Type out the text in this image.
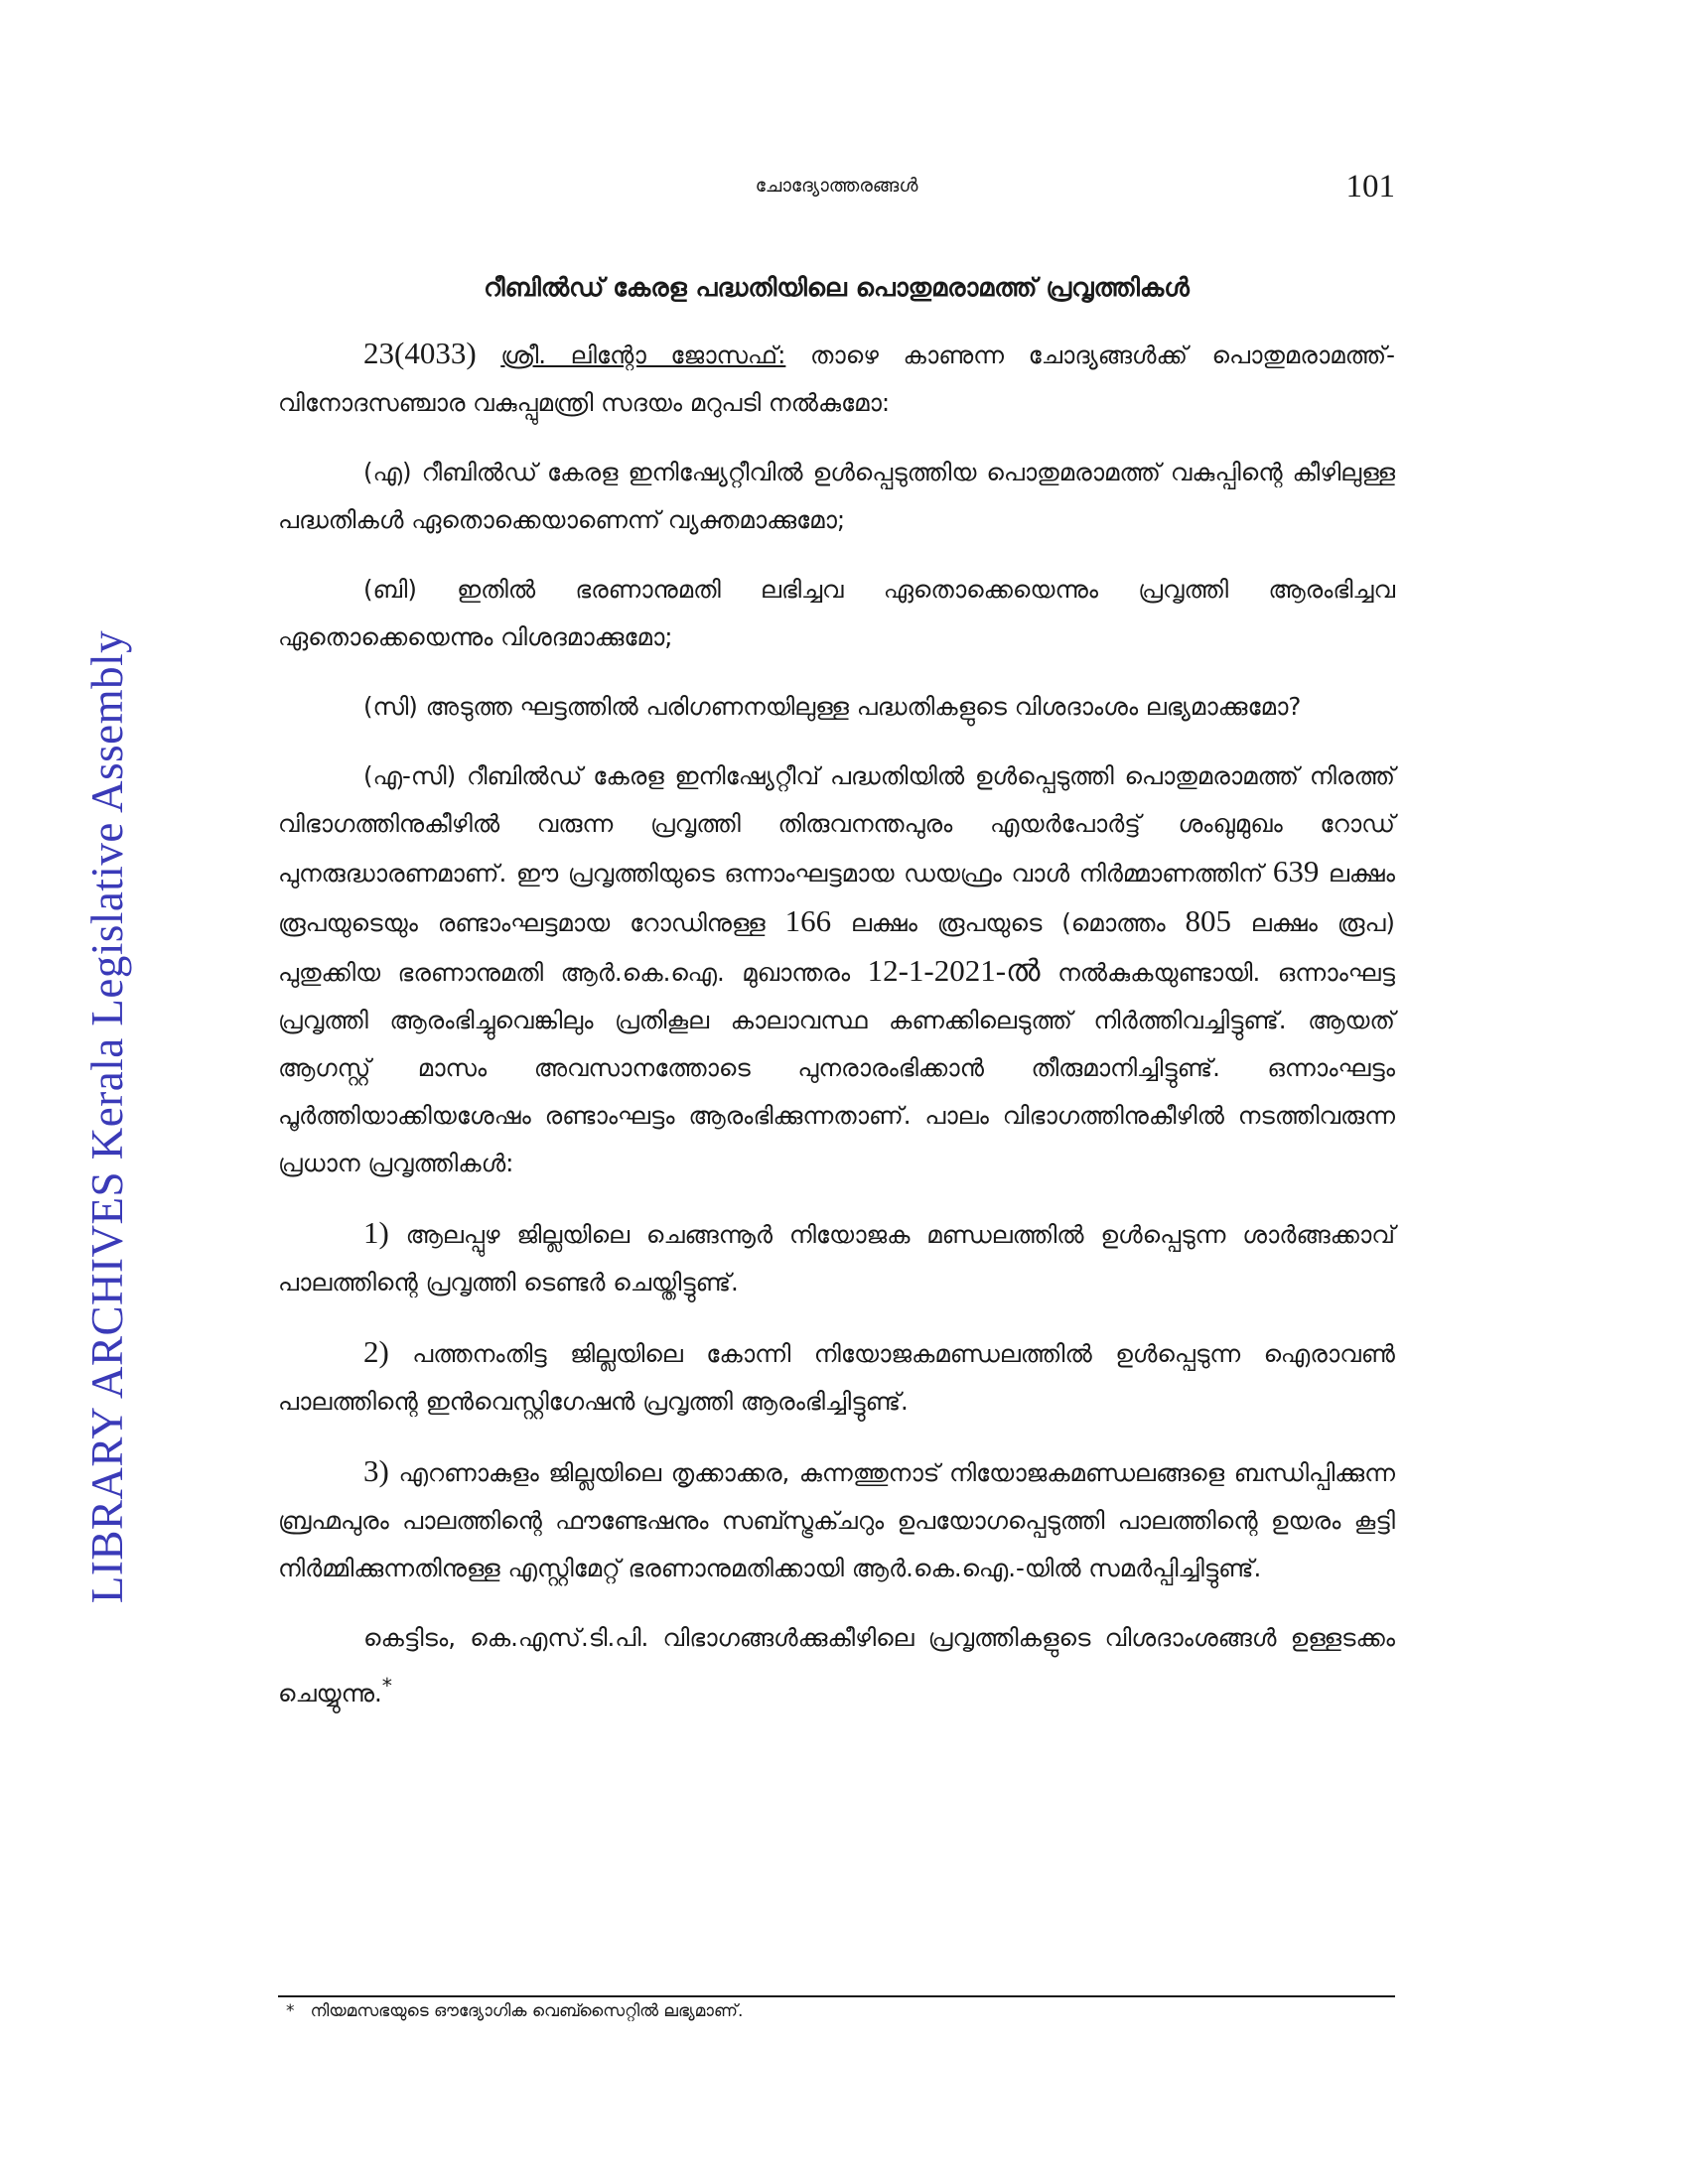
LIBRARY ARCHIVES Kerala Legislative Assembly
ചോദ്യോത്തരങ്ങൾ	101
റീബിൽഡ് കേരള പദ്ധതിയിലെ പൊതുമരാമത്ത് പ്രവൃത്തികൾ

23(4033) ശ്രീ. ലിന്റോ ജോസഫ്: താഴെ കാണുന്ന ചോദ്യങ്ങൾക്ക് പൊതുമരാമത്ത്-വിനോദസഞ്ചാര വകുപ്പുമന്ത്രി സദയം മറുപടി നൽകുമോ:

(എ) റീബിൽഡ് കേരള ഇനിഷ്യേറ്റീവിൽ ഉൾപ്പെടുത്തിയ പൊതുമരാമത്ത് വകുപ്പിന്റെ കീഴിലുള്ള പദ്ധതികൾ ഏതൊക്കെയാണെന്ന് വ്യക്തമാക്കുമോ;

(ബി) ഇതിൽ ഭരണാനുമതി ലഭിച്ചവ ഏതൊക്കെയെന്നും പ്രവൃത്തി ആരംഭിച്ചവ ഏതൊക്കെയെന്നും വിശദമാക്കുമോ;

(സി) അടുത്ത ഘട്ടത്തിൽ പരിഗണനയിലുള്ള പദ്ധതികളുടെ വിശദാംശം ലഭ്യമാക്കുമോ?

(എ-സി) റീബിൽഡ് കേരള ഇനിഷ്യേറ്റീവ് പദ്ധതിയിൽ ഉൾപ്പെടുത്തി പൊതുമരാമത്ത് നിരത്ത് വിഭാഗത്തിനുകീഴിൽ വരുന്ന പ്രവൃത്തി തിരുവനന്തപുരം എയർപോർട്ട് ശംഖുമുഖം റോഡ് പുനരുദ്ധാരണമാണ്. ഈ പ്രവൃത്തിയുടെ ഒന്നാംഘട്ടമായ ഡയഫ്രം വാൾ നിർമ്മാണത്തിന് 639 ലക്ഷം രൂപയുടെയും രണ്ടാംഘട്ടമായ റോഡിനുള്ള 166 ലക്ഷം രൂപയുടെ (മൊത്തം 805 ലക്ഷം രൂപ) പുതുക്കിയ ഭരണാനുമതി ആർ.കെ.ഐ. മുഖാന്തരം 12-1-2021-ൽ നൽകുകയുണ്ടായി. ഒന്നാംഘട്ട പ്രവൃത്തി ആരംഭിച്ചുവെങ്കിലും പ്രതികൂല കാലാവസ്ഥ കണക്കിലെടുത്ത് നിർത്തിവച്ചിട്ടുണ്ട്. ആയത് ആഗസ്റ്റ് മാസം അവസാനത്തോടെ പുനരാരംഭിക്കാൻ തീരുമാനിച്ചിട്ടുണ്ട്. ഒന്നാംഘട്ടം പൂർത്തിയാക്കിയശേഷം രണ്ടാംഘട്ടം ആരംഭിക്കുന്നതാണ്. പാലം വിഭാഗത്തിനുകീഴിൽ നടത്തിവരുന്ന പ്രധാന പ്രവൃത്തികൾ:

1) ആലപ്പുഴ ജില്ലയിലെ ചെങ്ങന്നൂർ നിയോജക മണ്ഡലത്തിൽ ഉൾപ്പെടുന്ന ശാർങ്ങക്കാവ് പാലത്തിന്റെ പ്രവൃത്തി ടെണ്ടർ ചെയ്തിട്ടുണ്ട്.

2) പത്തനംതിട്ട ജില്ലയിലെ കോന്നി നിയോജകമണ്ഡലത്തിൽ ഉൾപ്പെടുന്ന ഐരാവൺ പാലത്തിന്റെ ഇൻവെസ്റ്റിഗേഷൻ പ്രവൃത്തി ആരംഭിച്ചിട്ടുണ്ട്.

3) എറണാകുളം ജില്ലയിലെ തൃക്കാക്കര, കുന്നത്തുനാട് നിയോജകമണ്ഡലങ്ങളെ ബന്ധിപ്പിക്കുന്ന ബ്രഹ്മപുരം പാലത്തിന്റെ ഫൗണ്ടേഷനും സബ്സ്ട്രക്ചറും ഉപയോഗപ്പെടുത്തി പാലത്തിന്റെ ഉയരം കൂട്ടി നിർമ്മിക്കുന്നതിനുള്ള എസ്റ്റിമേറ്റ് ഭരണാനുമതിക്കായി ആർ.കെ.ഐ.-യിൽ സമർപ്പിച്ചിട്ടുണ്ട്.

കെട്ടിടം, കെ.എസ്.ടി.പി. വിഭാഗങ്ങൾക്കുകീഴിലെ പ്രവൃത്തികളുടെ വിശദാംശങ്ങൾ ഉള്ളടക്കം ചെയ്യുന്നു.*

* നിയമസഭയുടെ ഔദ്യോഗിക വെബ്സൈറ്റിൽ ലഭ്യമാണ്.
